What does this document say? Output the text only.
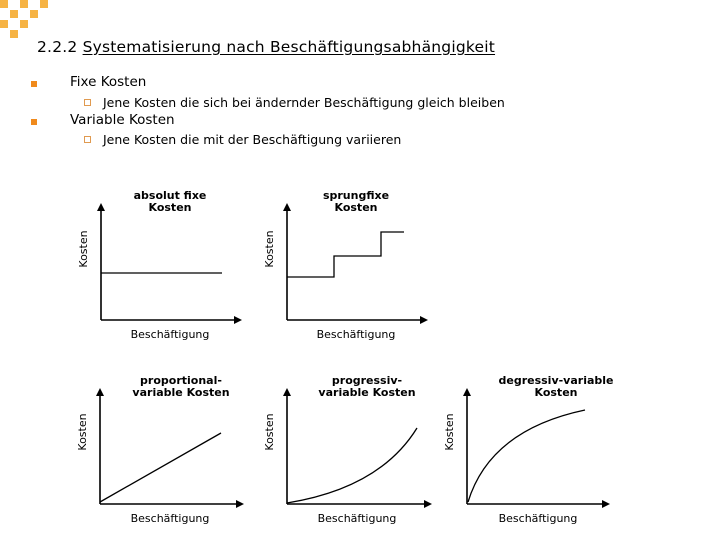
2.2.2 Systematisierung nach Beschäftigungsabhängigkeit
Fixe Kosten
Jene Kosten die sich bei ändernder Beschäftigung gleich bleiben
Variable Kosten
Jene Kosten die mit der Beschäftigung variieren
absolut fixe
Kosten
Kosten
Beschäftigung
sprungfixe
Kosten
Kosten
Beschäftigung
proportional-
variable Kosten
Kosten
Beschäftigung
progressiv-
variable Kosten
Kosten
Beschäftigung
degressiv-variable
Kosten
Kosten
Beschäftigung
